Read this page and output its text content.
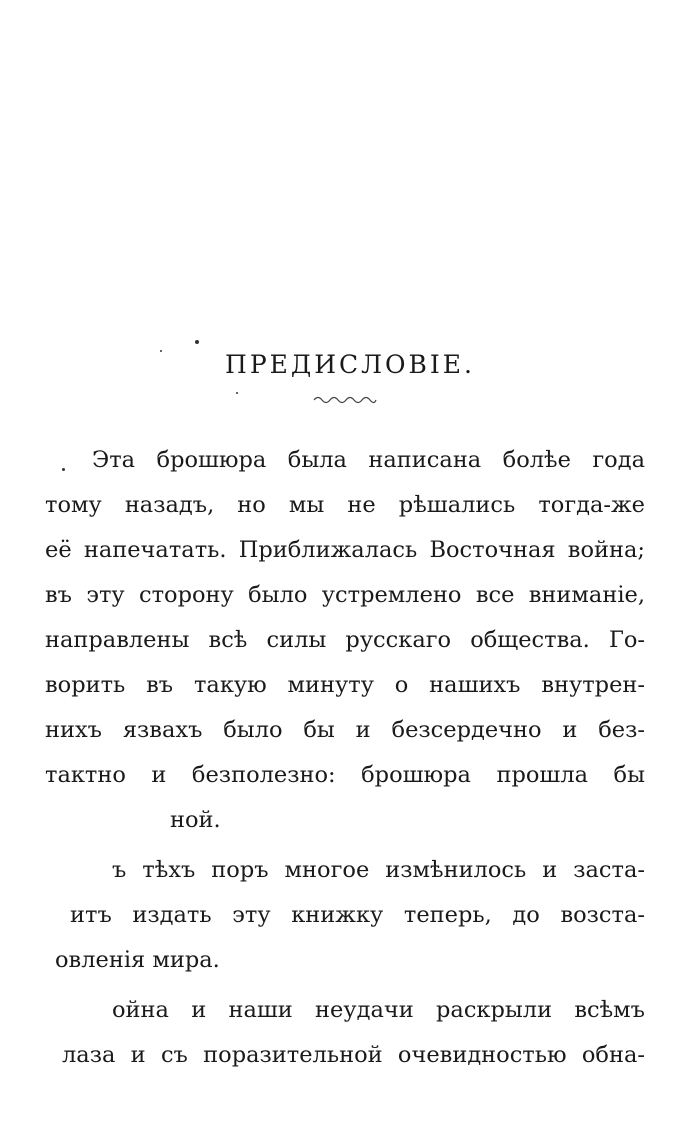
ПРЕДИСЛОВІЕ.
Эта брошюра была написана болѣе года
тому назадъ, но мы не рѣшались тогда-же
её напечатать. Приближалась Восточная война;
въ эту сторону было устремлено все вниманіе,
направлены всѣ силы русскаго общества. Го-
ворить въ такую минуту о нашихъ внутрен-
нихъ язвахъ было бы и безсердечно и без-
тактно и безполезно: брошюра прошла бы
ной.
ъ тѣхъ поръ многое измѣнилось и заста-
итъ издать эту книжку теперь, до возста-
овленія мира.
ойна и наши неудачи раскрыли всѣмъ
лаза и съ поразительной очевидностью обна-
